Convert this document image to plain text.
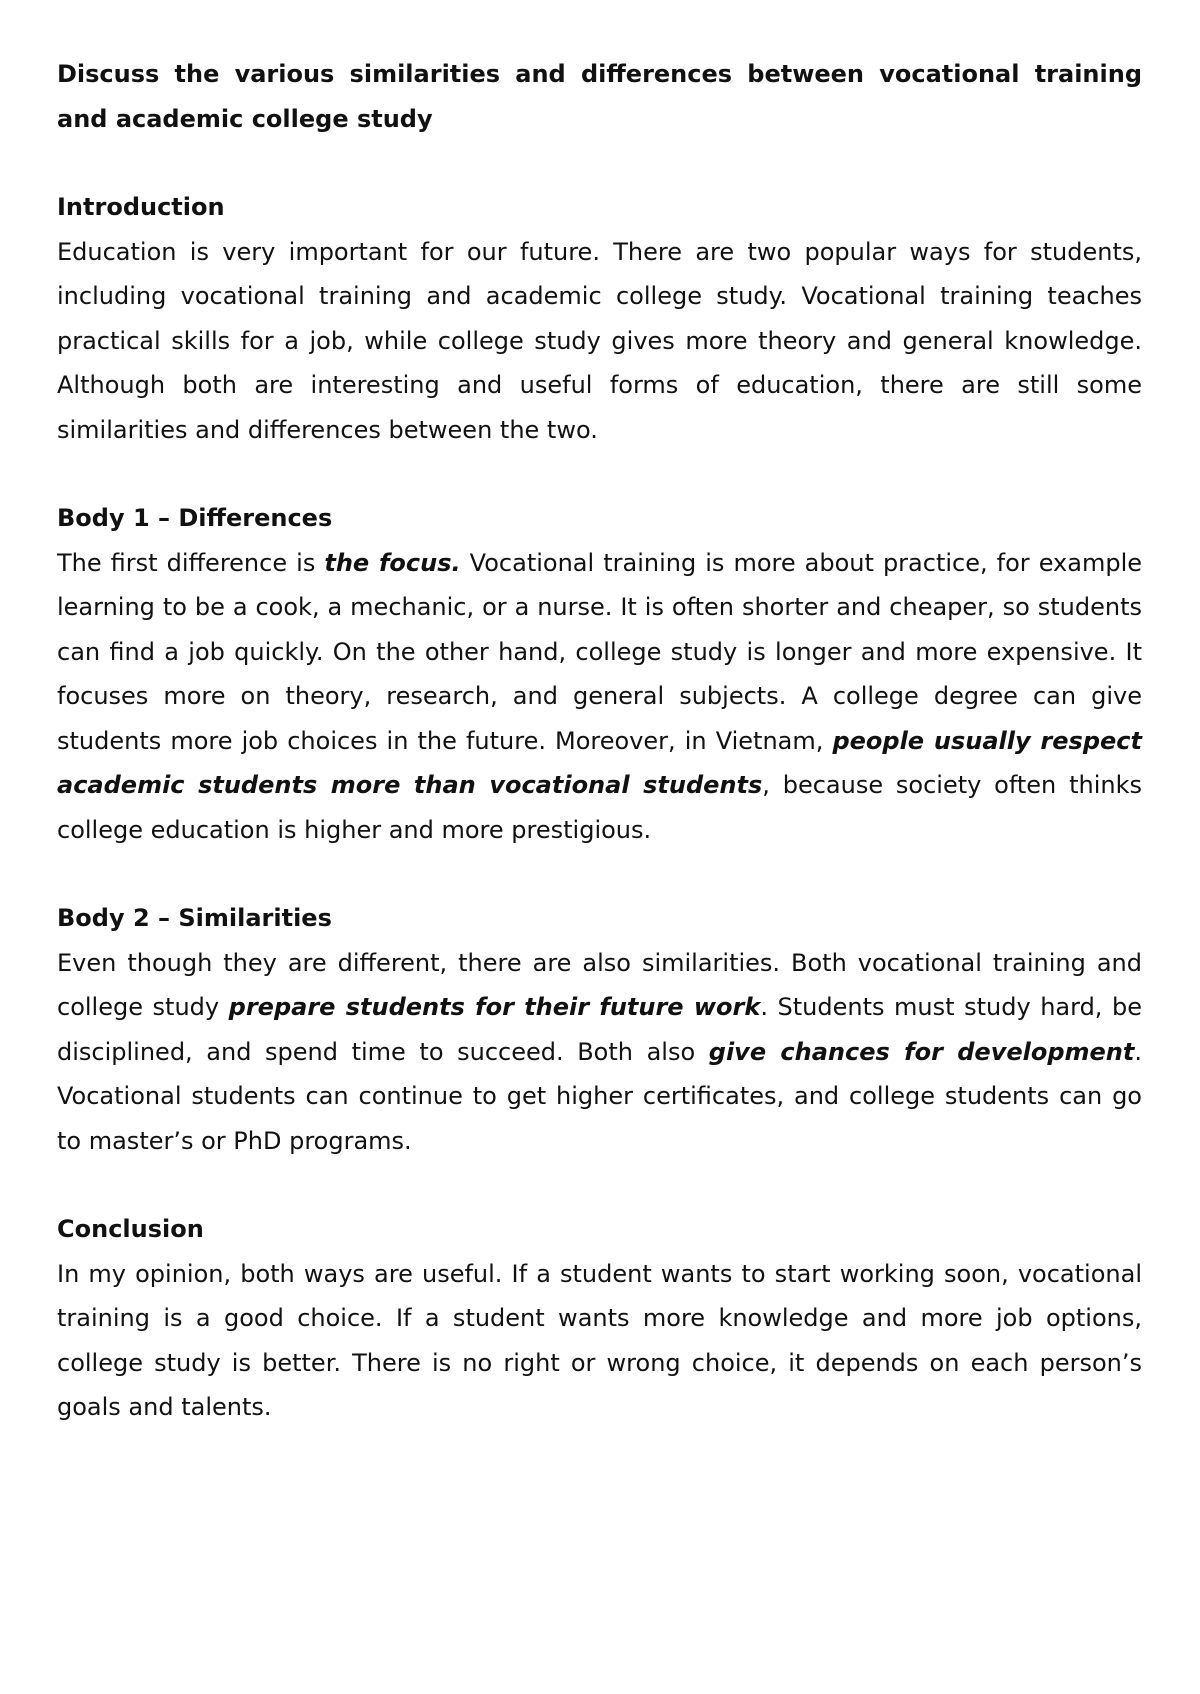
Discuss the various similarities and differences between vocational training and academic college study

Introduction

Education is very important for our future. There are two popular ways for students, including vocational training and academic college study. Vocational training teaches practical skills for a job, while college study gives more theory and general knowledge. Although both are interesting and useful forms of education, there are still some similarities and differences between the two.

Body 1 – Differences

The first difference is the focus. Vocational training is more about practice, for example learning to be a cook, a mechanic, or a nurse. It is often shorter and cheaper, so students can find a job quickly. On the other hand, college study is longer and more expensive. It focuses more on theory, research, and general subjects. A college degree can give students more job choices in the future. Moreover, in Vietnam, people usually respect academic students more than vocational students, because society often thinks college education is higher and more prestigious.

Body 2 – Similarities

Even though they are different, there are also similarities. Both vocational training and college study prepare students for their future work. Students must study hard, be disciplined, and spend time to succeed. Both also give chances for development. Vocational students can continue to get higher certificates, and college students can go to master’s or PhD programs.

Conclusion

In my opinion, both ways are useful. If a student wants to start working soon, vocational training is a good choice. If a student wants more knowledge and more job options, college study is better. There is no right or wrong choice, it depends on each person’s goals and talents.
